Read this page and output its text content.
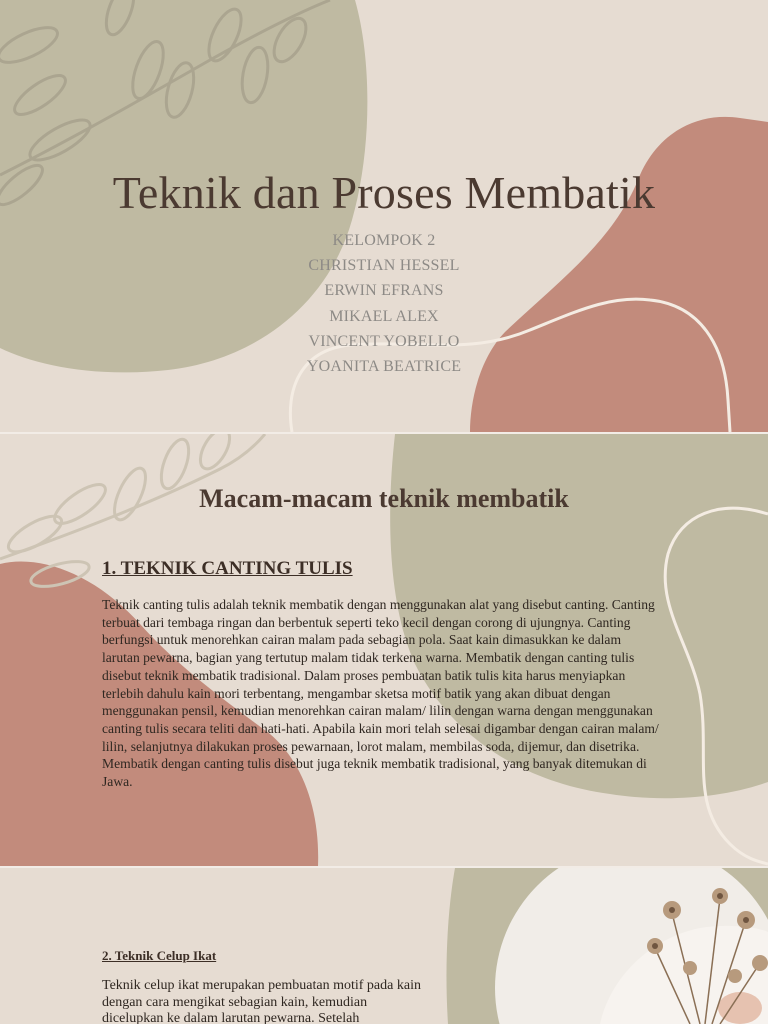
Teknik dan Proses Membatik
KELOMPOK 2
CHRISTIAN HESSEL
ERWIN EFRANS
MIKAEL ALEX
VINCENT YOBELLO
YOANITA BEATRICE
Macam-macam teknik membatik
1. TEKNIK CANTING TULIS

Teknik canting tulis adalah teknik membatik dengan menggunakan alat yang disebut canting. Canting terbuat dari tembaga ringan dan berbentuk seperti teko kecil dengan corong di ujungnya. Canting berfungsi untuk menorehkan cairan malam pada sebagian pola. Saat kain dimasukkan ke dalam larutan pewarna, bagian yang tertutup malam tidak terkena warna. Membatik dengan canting tulis disebut teknik membatik tradisional. Dalam proses pembuatan batik tulis kita harus menyiapkan terlebih dahulu kain mori terbentang, mengambar sketsa motif batik yang akan dibuat dengan menggunakan pensil, kemudian menorehkan cairan malam/ lilin dengan warna dengan menggunakan canting tulis secara teliti dan hati-hati. Apabila kain mori telah selesai digambar dengan cairan malam/ lilin, selanjutnya dilakukan proses pewarnaan, lorot malam, membilas soda, dijemur, dan disetrika. Membatik dengan canting tulis disebut juga teknik membatik tradisional, yang banyak ditemukan di Jawa.

2. Teknik Celup Ikat

Teknik celup ikat merupakan pembuatan motif pada kain dengan cara mengikat sebagian kain, kemudian dicelupkan ke dalam larutan pewarna. Setelah
